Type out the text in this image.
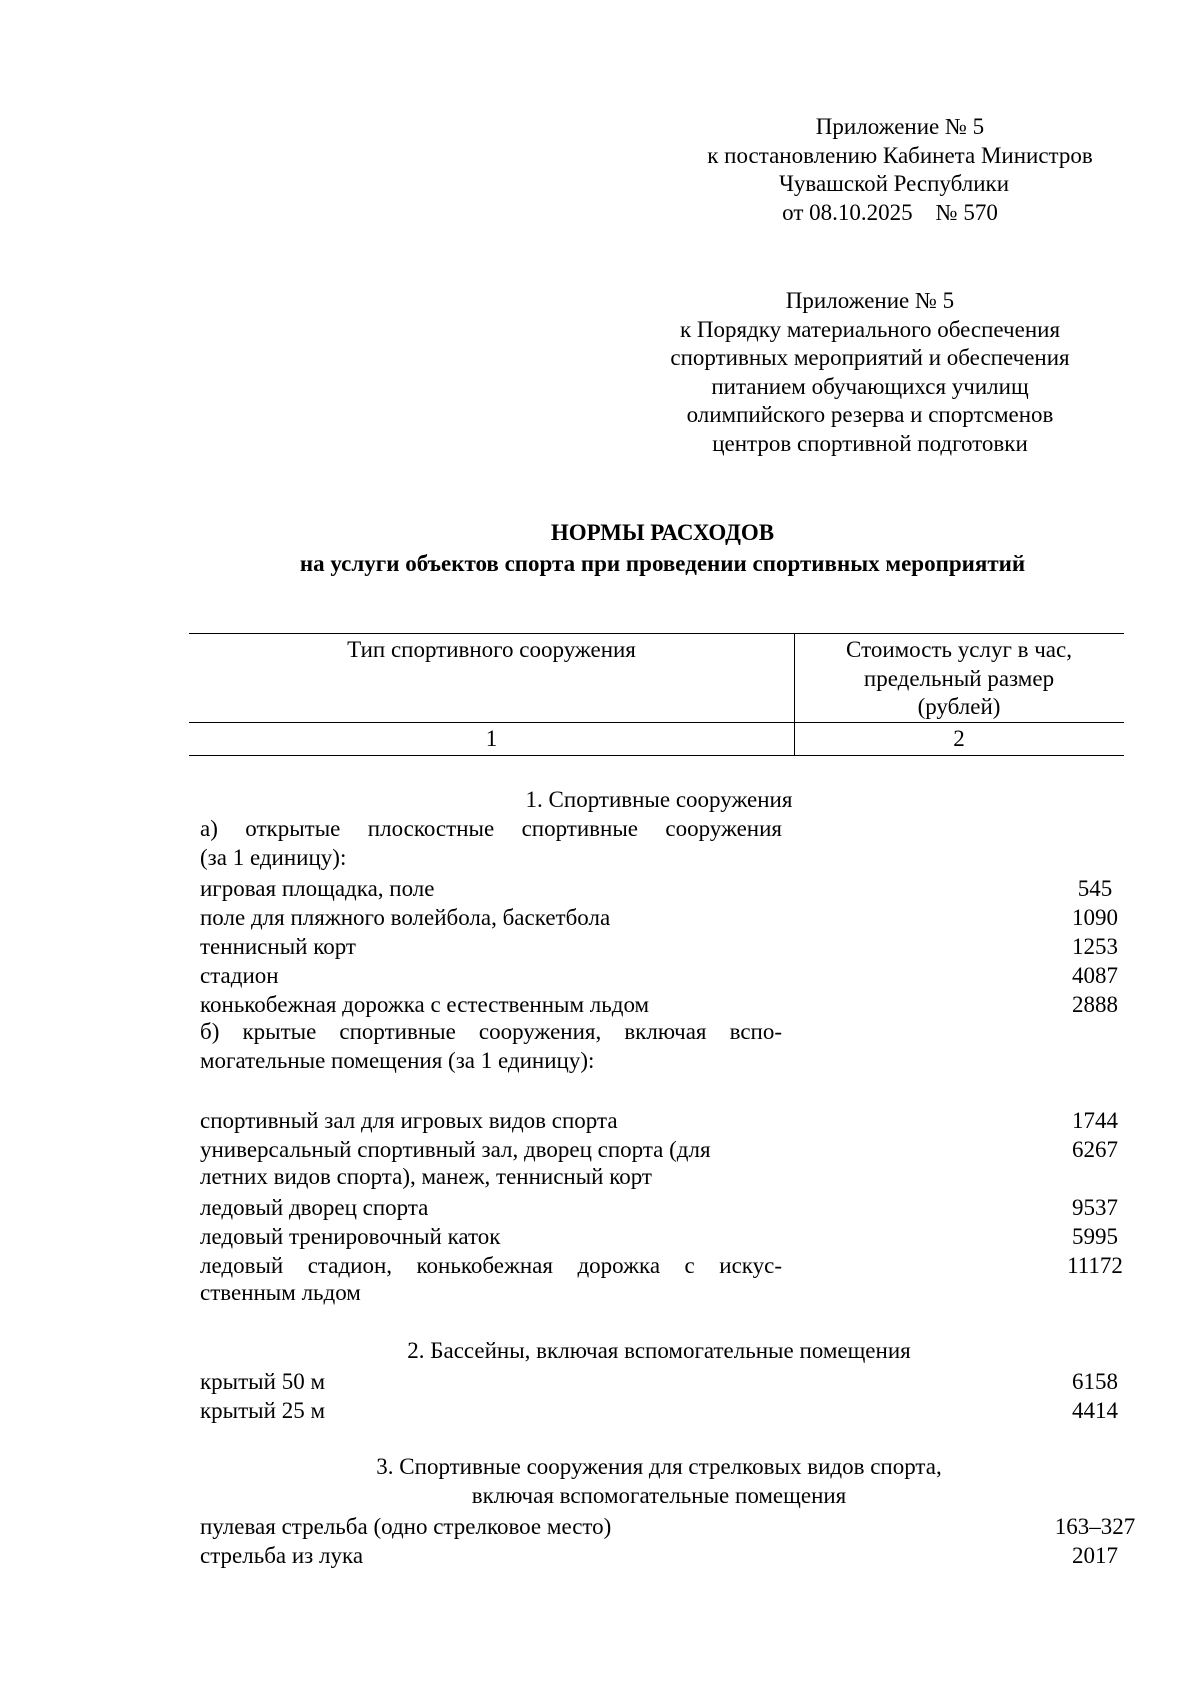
Приложение № 5
к постановлению Кабинета Министров
Чувашской Республики
от 08.10.2025    № 570
Приложение № 5
к Порядку материального обеспечения
спортивных мероприятий и обеспечения
питанием обучающихся училищ
олимпийского резерва и спортсменов
центров спортивной подготовки
НОРМЫ РАСХОДОВ
на услуги объектов спорта при проведении спортивных мероприятий
Тип спортивного сооружения	Стоимость услуг в час,
предельный размер
(рублей)
1	2
1. Спортивные сооружения
а) открытые плоскостные спортивные сооружения
(за 1 единицу):
игровая площадка, поле	545
поле для пляжного волейбола, баскетбола	1090
теннисный корт	1253
стадион	4087
конькобежная дорожка с естественным льдом	2888
б) крытые спортивные сооружения, включая вспо-
могательные помещения (за 1 единицу):
спортивный зал для игровых видов спорта	1744
универсальный спортивный зал, дворец спорта (для	6267
летних видов спорта), манеж, теннисный корт
ледовый дворец спорта	9537
ледовый тренировочный каток	5995
ледовый стадион, конькобежная дорожка с искус-	11172
ственным льдом
2. Бассейны, включая вспомогательные помещения
крытый 50 м	6158
крытый 25 м	4414
3. Спортивные сооружения для стрелковых видов спорта,
включая вспомогательные помещения
пулевая стрельба (одно стрелковое место)	163–327
стрельба из лука	2017
